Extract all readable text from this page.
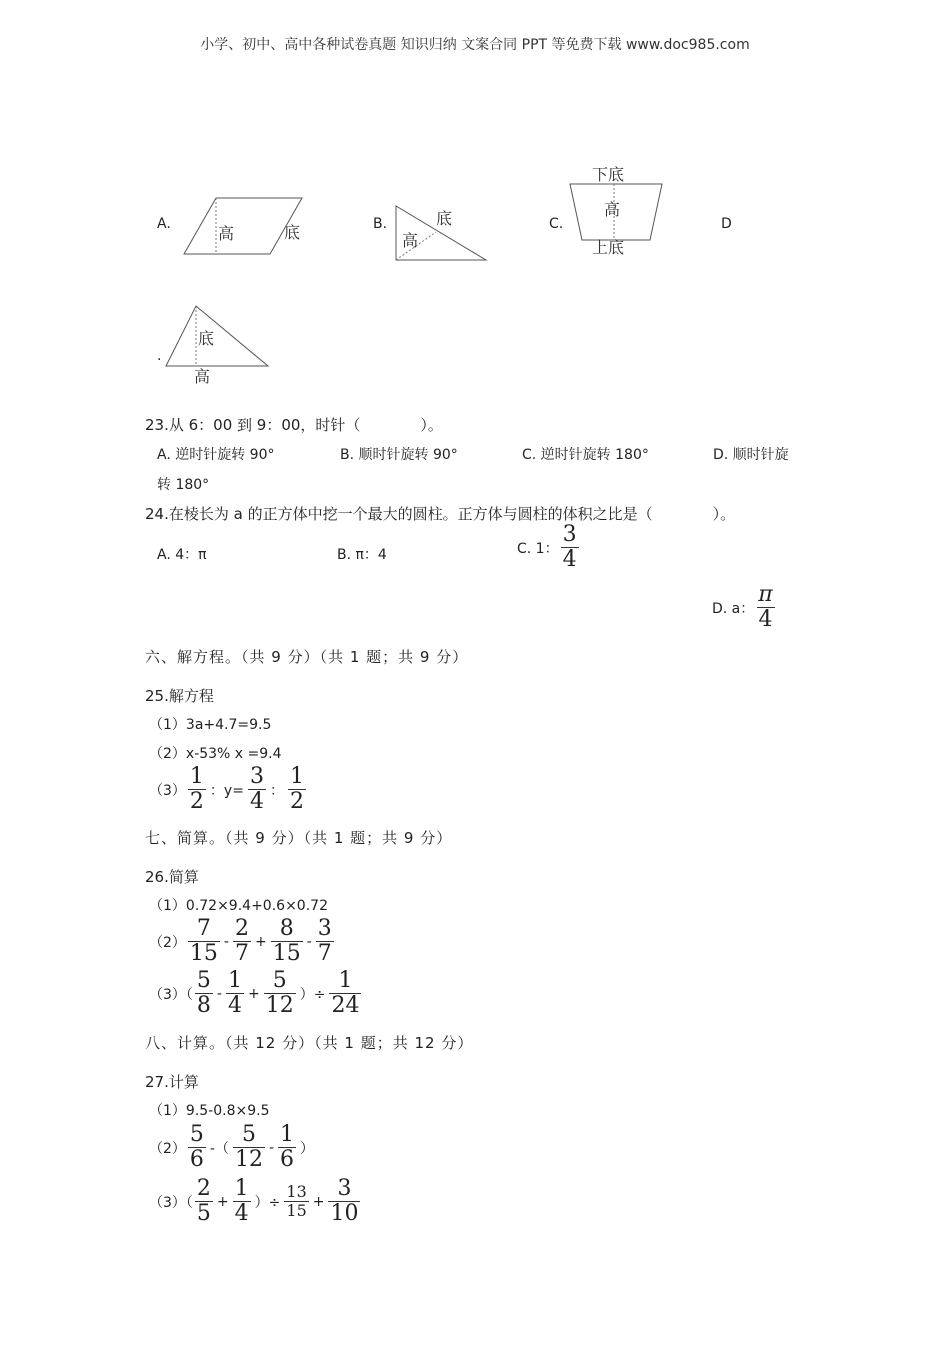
小学、初中、高中各种试卷真题 知识归纳 文案合同 PPT 等免费下载 www.doc985.com
A.	高	底	B.
高
底	C.
下底
高
上底
D
.
底
高
23.从 6：00 到 9：00，时针（　　　　）。
A. 逆时针旋转 90°	B. 顺时针旋转 90°	C. 逆时针旋转 180°	D. 顺时针旋
转 180°
24.在棱长为 a 的正方体中挖一个最大的圆柱。正方体与圆柱的体积之比是（　　　　）。
A. 4：π	B. π：4	C. 1： $\frac{3}{4}$
D. a： $\frac{\pi}{4}$
六、解方程。（共 9 分）（共 1 题；共 9 分）
25.解方程
（1）3a+4.7=9.5
（2）x-53% x =9.4
$(3) \frac{1}{2}$ ：$y= \frac{3}{4}$ ： $\frac{1}{2}$
七、简算。（共 9 分）（共 1 题；共 9 分）
26.简算
（1）0.72×9.4+0.6×0.72
$(2) \frac{7}{15} - \frac{2}{7} + \frac{8}{15} - \frac{3}{7}$
$(3)( \frac{5}{8} - \frac{1}{4} + \frac{5}{12}$ ）÷ $\frac{1}{24}$
八、计算。（共 12 分）（共 1 题；共 12 分）
27.计算
（1）9.5-0.8×9.5
$(2) \frac{5}{6}$ -（ $\frac{5}{12} - \frac{1}{6}$ ）
$(3)( \frac{2}{5} + \frac{1}{4}$ ）÷ $\frac{13}{15} + \frac{3}{10}$
